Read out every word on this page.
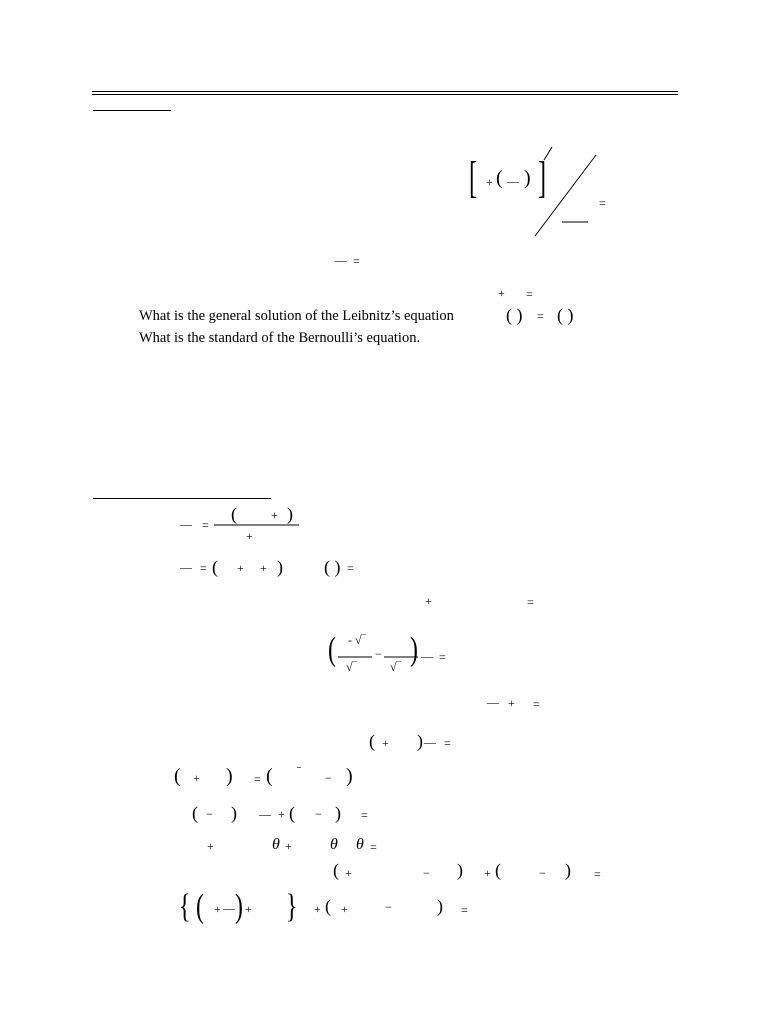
[ + ( — ) ]
=
— =
+ =
What is the general solution of the Leibnitz’s equation	( ) = ( )
What is the standard of the Bernoulli’s equation.
— =
(	+ )
+
— = ( + + ) ( ) =
+	=
( - √‾
√‾
−
√‾ ) — =
— + =
( + ) — =
( + ) = ( ˉ
− )
( − ) — + ( − ) =
+	θ + θ θ =
( +	− ) + (	− ) =
{ ( + — ) + } + ( +	−	) =
